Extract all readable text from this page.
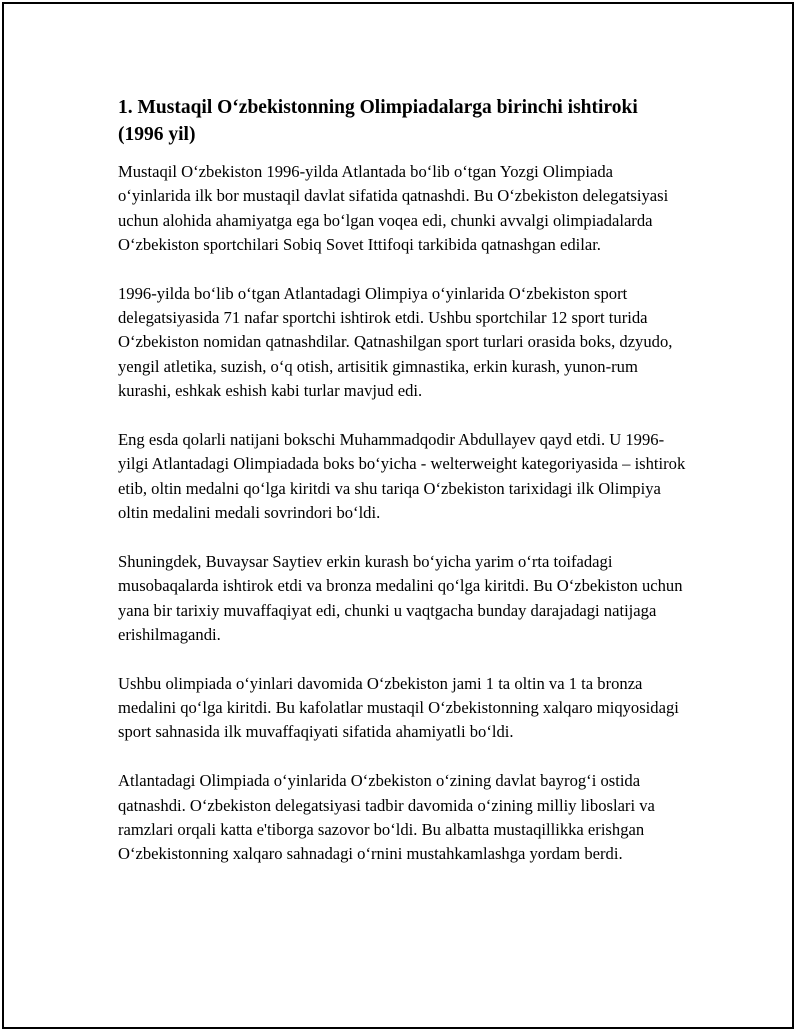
1. Mustaqil O‘zbekistonning Olimpiadalarga birinchi ishtiroki (1996 yil)

Mustaqil O‘zbekiston 1996-yilda Atlantada bo‘lib o‘tgan Yozgi Olimpiada o‘yinlarida ilk bor mustaqil davlat sifatida qatnashdi. Bu O‘zbekiston delegatsiyasi uchun alohida ahamiyatga ega bo‘lgan voqea edi, chunki avvalgi olimpiadalarda O‘zbekiston sportchilari Sobiq Sovet Ittifoqi tarkibida qatnashgan edilar.

1996-yilda bo‘lib o‘tgan Atlantadagi Olimpiya o‘yinlarida O‘zbekiston sport delegatsiyasida 71 nafar sportchi ishtirok etdi. Ushbu sportchilar 12 sport turida O‘zbekiston nomidan qatnashdilar. Qatnashilgan sport turlari orasida boks, dzyudo, yengil atletika, suzish, o‘q otish, artisitik gimnastika, erkin kurash, yunon-rum kurashi, eshkak eshish kabi turlar mavjud edi.

Eng esda qolarli natijani bokschi Muhammadqodir Abdullayev qayd etdi. U 1996-yilgi Atlantadagi Olimpiadada boks bo‘yicha - welterweight kategoriyasida – ishtirok etib, oltin medalni qo‘lga kiritdi va shu tariqa O‘zbekiston tarixidagi ilk Olimpiya oltin medalini medali sovrindori bo‘ldi.

Shuningdek, Buvaysar Saytiev erkin kurash bo‘yicha yarim o‘rta toifadagi musobaqalarda ishtirok etdi va bronza medalini qo‘lga kiritdi. Bu O‘zbekiston uchun yana bir tarixiy muvaffaqiyat edi, chunki u vaqtgacha bunday darajadagi natijaga erishilmagandi.

Ushbu olimpiada o‘yinlari davomida O‘zbekiston jami 1 ta oltin va 1 ta bronza medalini qo‘lga kiritdi. Bu kafolatlar mustaqil O‘zbekistonning xalqaro miqyosidagi sport sahnasida ilk muvaffaqiyati sifatida ahamiyatli bo‘ldi.

Atlantadagi Olimpiada o‘yinlarida O‘zbekiston o‘zining davlat bayrog‘i ostida qatnashdi. O‘zbekiston delegatsiyasi tadbir davomida o‘zining milliy liboslari va ramzlari orqali katta e'tiborga sazovor bo‘ldi. Bu albatta mustaqillikka erishgan O‘zbekistonning xalqaro sahnadagi o‘rnini mustahkamlashga yordam berdi.
